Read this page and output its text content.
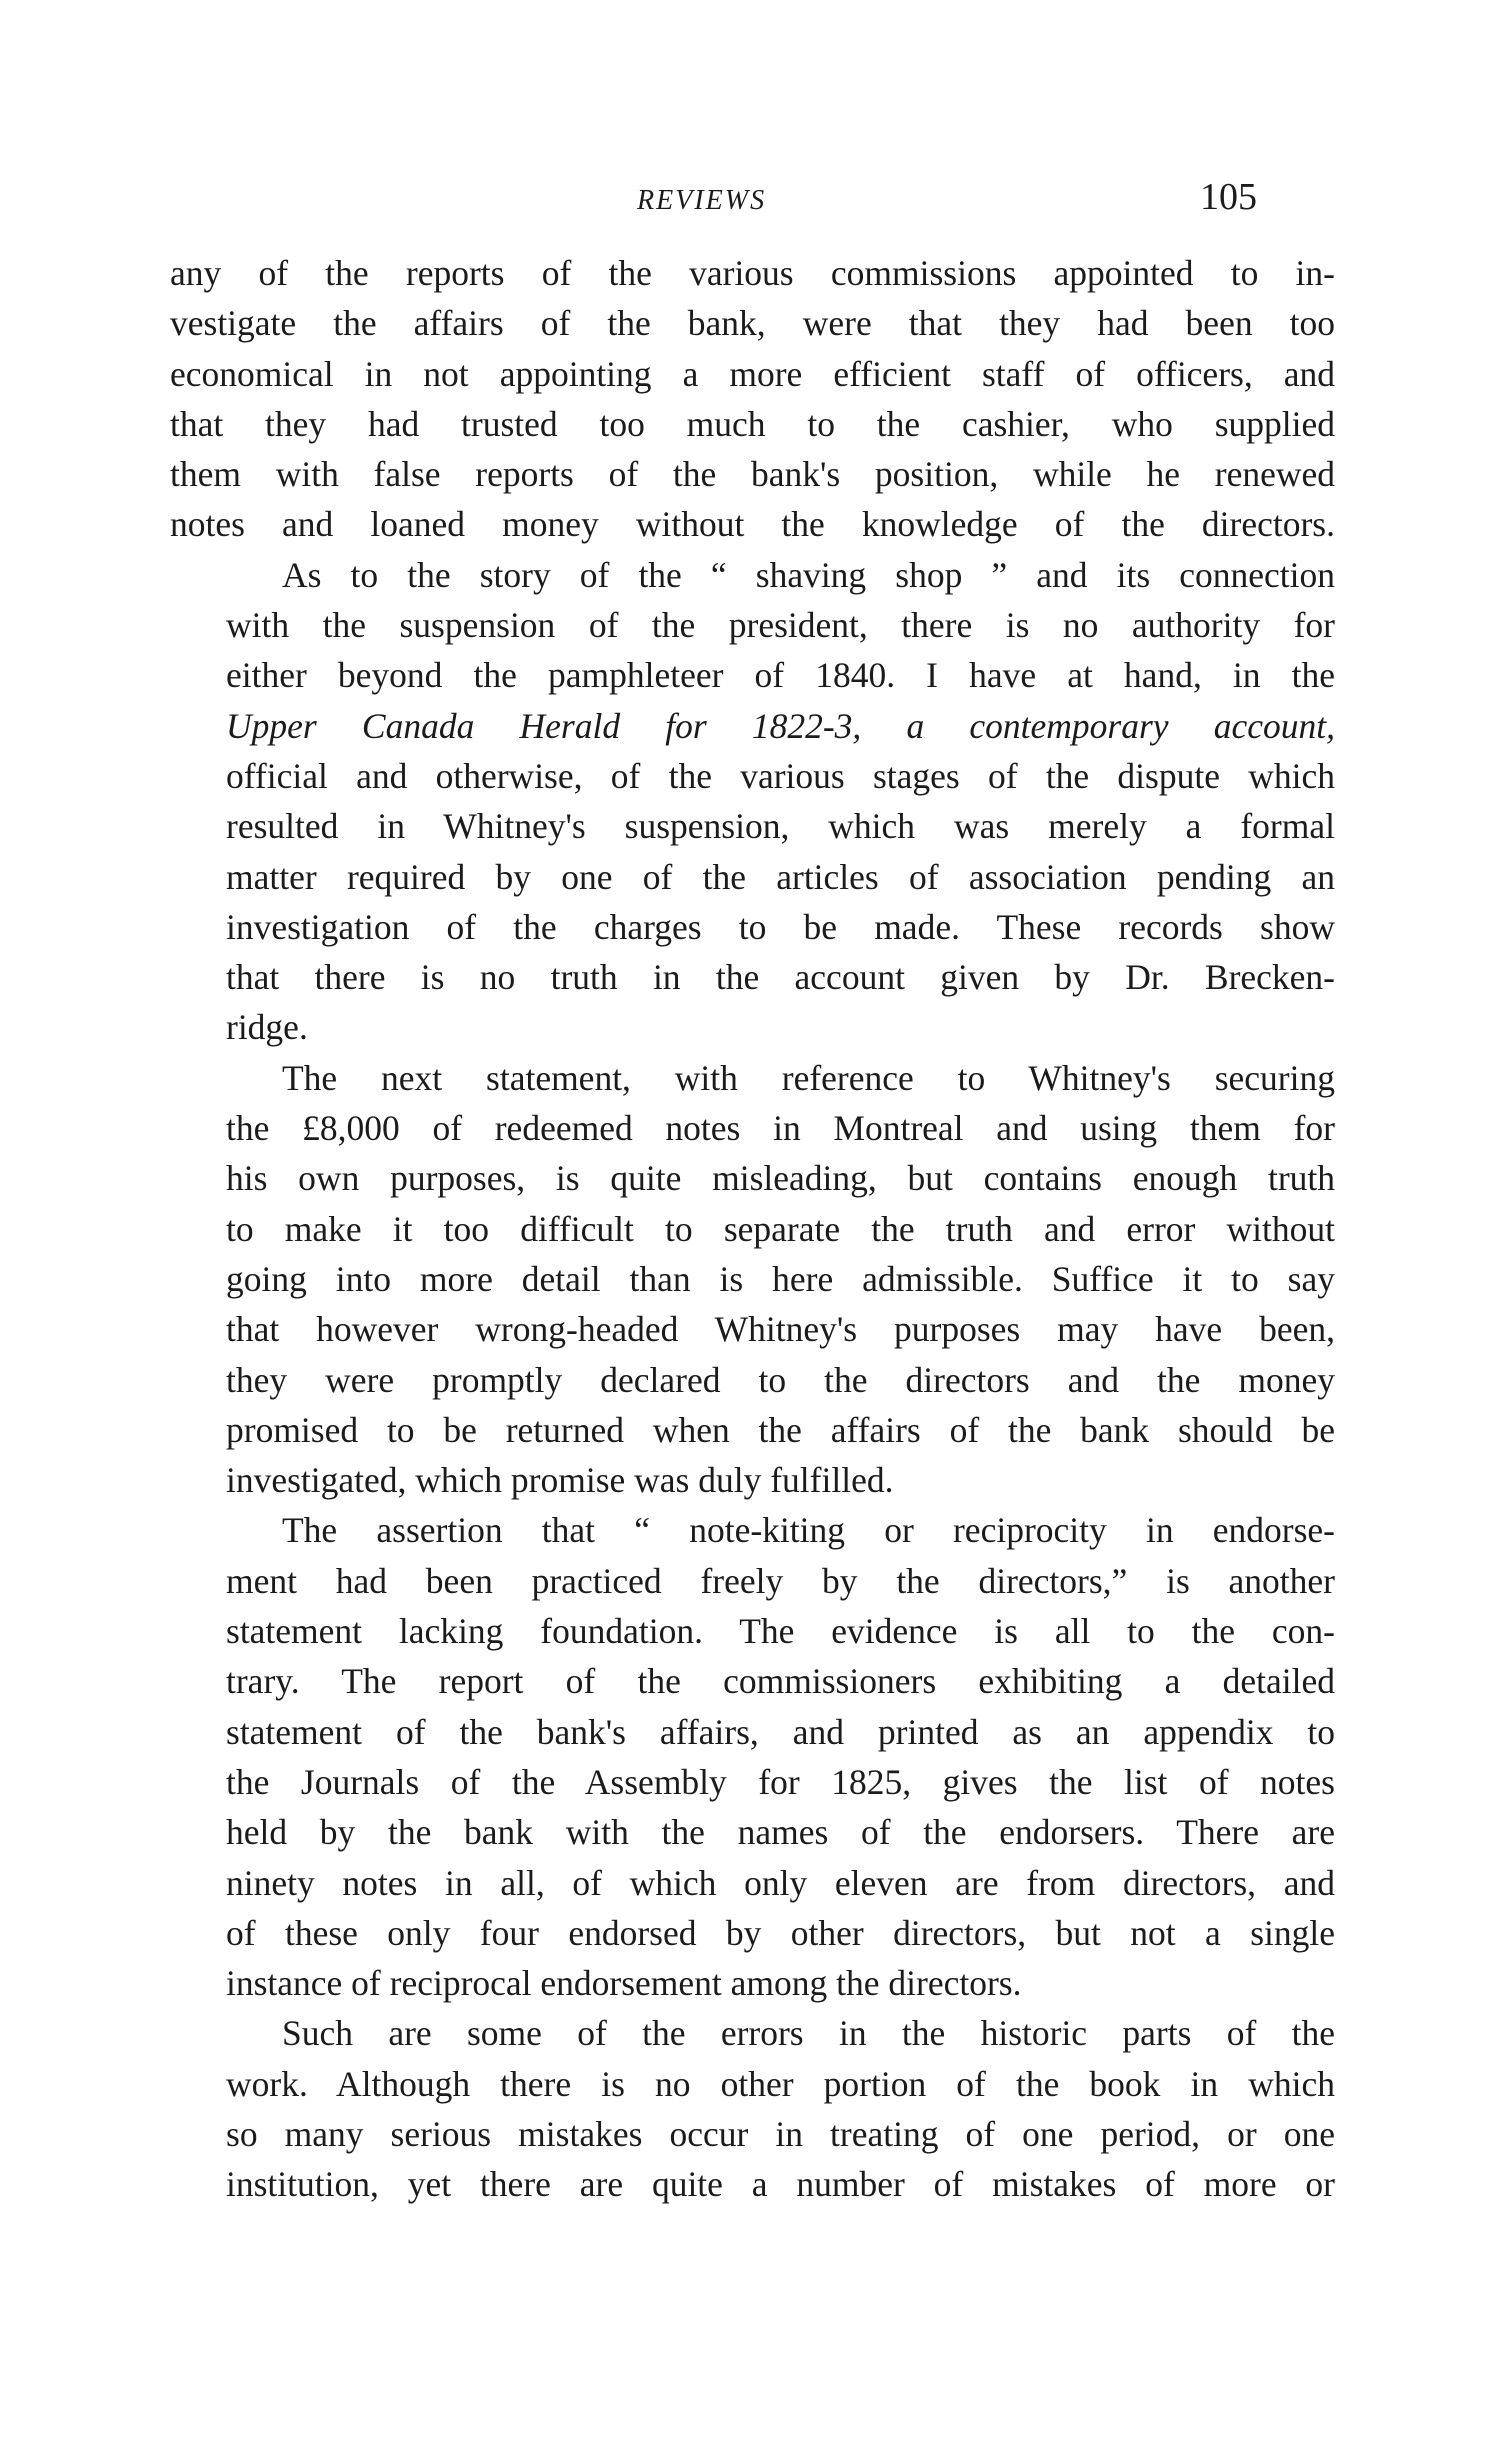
REVIEWS	105

any of the reports of the various commissions appointed to in-
vestigate the affairs of the bank, were that they had been too
economical in not appointing a more efficient staff of officers, and
that they had trusted too much to the cashier, who supplied
them with false reports of the bank's position, while he renewed
notes and loaned money without the knowledge of the directors.

As to the story of the “ shaving shop ” and its connection
with the suspension of the president, there is no authority for
either beyond the pamphleteer of 1840. I have at hand, in the
Upper Canada Herald for 1822-3, a contemporary account,
official and otherwise, of the various stages of the dispute which
resulted in Whitney's suspension, which was merely a formal
matter required by one of the articles of association pending an
investigation of the charges to be made. These records show
that there is no truth in the account given by Dr. Brecken-
ridge.

The next statement, with reference to Whitney's securing
the £8,000 of redeemed notes in Montreal and using them for
his own purposes, is quite misleading, but contains enough truth
to make it too difficult to separate the truth and error without
going into more detail than is here admissible. Suffice it to say
that however wrong-headed Whitney's purposes may have been,
they were promptly declared to the directors and the money
promised to be returned when the affairs of the bank should be
investigated, which promise was duly fulfilled.

The assertion that “ note-kiting or reciprocity in endorse-
ment had been practiced freely by the directors,” is another
statement lacking foundation. The evidence is all to the con-
trary. The report of the commissioners exhibiting a detailed
statement of the bank's affairs, and printed as an appendix to
the Journals of the Assembly for 1825, gives the list of notes
held by the bank with the names of the endorsers. There are
ninety notes in all, of which only eleven are from directors, and
of these only four endorsed by other directors, but not a single
instance of reciprocal endorsement among the directors.

Such are some of the errors in the historic parts of the
work. Although there is no other portion of the book in which
so many serious mistakes occur in treating of one period, or one
institution, yet there are quite a number of mistakes of more or
